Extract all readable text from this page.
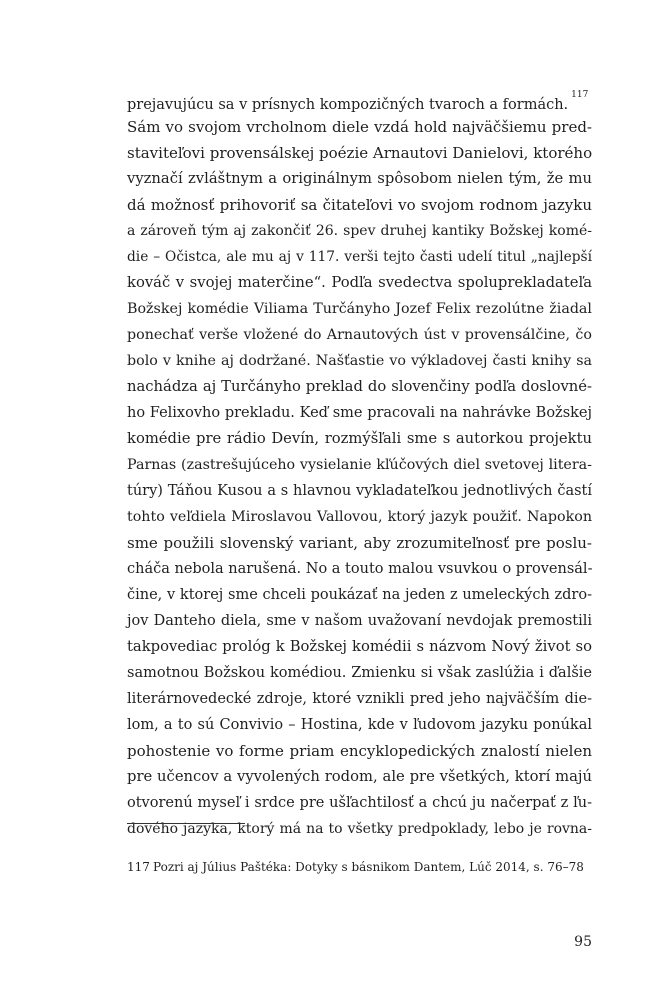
prejavujúcu sa v prísnych kompozičných tvaroch a formách.$^{117}$
Sám vo svojom vrcholnom diele vzdá hold najväčšiemu pred-
staviteľovi provensálskej poézie Arnautovi Danielovi, ktorého
vyznačí zvláštnym a originálnym spôsobom nielen tým, že mu
dá možnosť prihovoriť sa čitateľovi vo svojom rodnom jazyku
a zároveň tým aj zakončiť 26. spev druhej kantiky Božskej komé-
die – Očistca, ale mu aj v 117. verši tejto časti udelí titul „najlepší
kováč v svojej materčine“. Podľa svedectva spoluprekladateľa
Božskej komédie Viliama Turčányho Jozef Felix rezolútne žiadal
ponechať verše vložené do Arnautových úst v provensálčine, čo
bolo v knihe aj dodržané. Našťastie vo výkladovej časti knihy sa
nachádza aj Turčányho preklad do slovenčiny podľa doslovné-
ho Felixovho prekladu. Keď sme pracovali na nahrávke Božskej
komédie pre rádio Devín, rozmýšľali sme s autorkou projektu
Parnas (zastrešujúceho vysielanie kľúčových diel svetovej litera-
túry) Táňou Kusou a s hlavnou vykladateľkou jednotlivých častí
tohto veľdiela Miroslavou Vallovou, ktorý jazyk použiť. Napokon
sme použili slovenský variant, aby zrozumiteľnosť pre poslu-
cháča nebola narušená. No a touto malou vsuvkou o provensál-
čine, v ktorej sme chceli poukázať na jeden z umeleckých zdro-
jov Danteho diela, sme v našom uvažovaní nevdojak premostili
takpovediac prológ k Božskej komédii s názvom Nový život so
samotnou Božskou komédiou. Zmienku si však zaslúžia i ďalšie
literárnovedecké zdroje, ktoré vznikli pred jeho najväčším die-
lom, a to sú Convivio – Hostina, kde v ľudovom jazyku ponúkal
pohostenie vo forme priam encyklopedických znalostí nielen
pre učencov a vyvolených rodom, ale pre všetkých, ktorí majú
otvorenú myseľ i srdce pre ušľachtilosť a chcú ju načerpať z ľu-
dového jazyka, ktorý má na to všetky predpoklady, lebo je rovna-
117 Pozri aj Július Paštéka: Dotyky s básnikom Dantem, Lúč 2014, s. 76–78
95
